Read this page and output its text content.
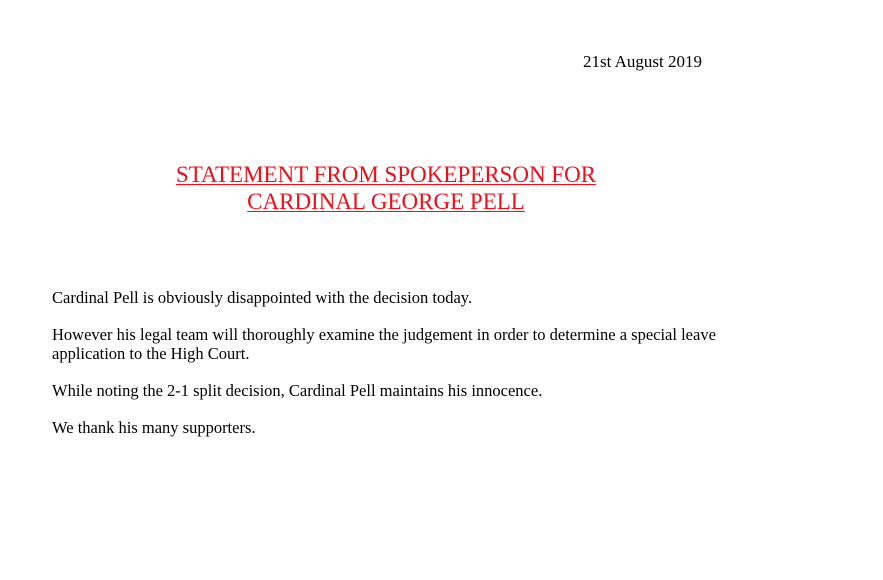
21st August 2019
STATEMENT FROM SPOKEPERSON FOR
CARDINAL GEORGE PELL

Cardinal Pell is obviously disappointed with the decision today.

However his legal team will thoroughly examine the judgement in order to determine a special leave

application to the High Court.

While noting the 2-1 split decision, Cardinal Pell maintains his innocence.

We thank his many supporters.
